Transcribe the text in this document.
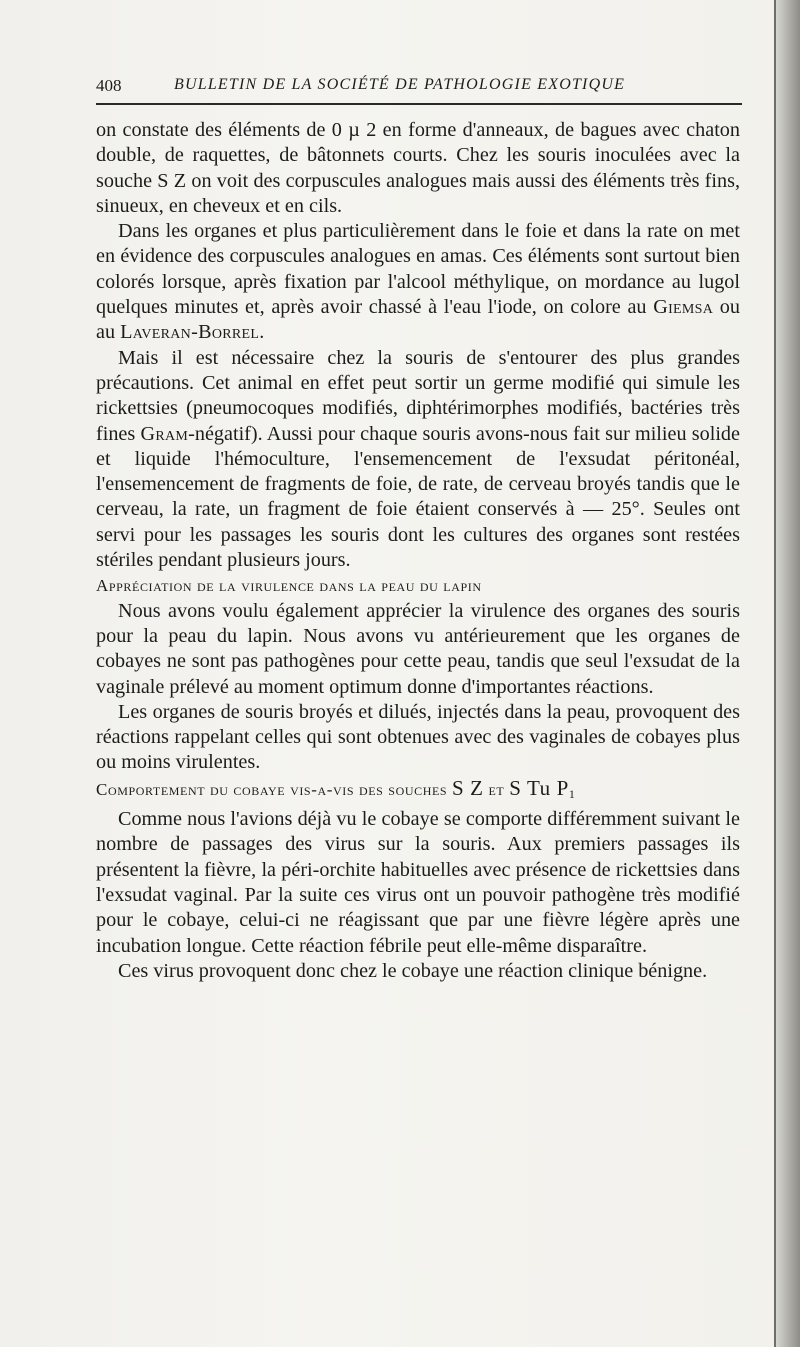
408	BULLETIN DE LA SOCIÉTÉ DE PATHOLOGIE EXOTIQUE

on constate des éléments de 0 µ 2 en forme d'anneaux, de bagues avec chaton double, de raquettes, de bâtonnets courts. Chez les souris inoculées avec la souche S Z on voit des corpuscules analogues mais aussi des éléments très fins, sinueux, en cheveux et en cils.

Dans les organes et plus particulièrement dans le foie et dans la rate on met en évidence des corpuscules analogues en amas. Ces éléments sont surtout bien colorés lorsque, après fixation par l'alcool méthylique, on mordance au lugol quelques minutes et, après avoir chassé à l'eau l'iode, on colore au Giemsa ou au Laveran-Borrel.

Mais il est nécessaire chez la souris de s'entourer des plus grandes précautions. Cet animal en effet peut sortir un germe modifié qui simule les rickettsies (pneumocoques modifiés, diphtérimorphes modifiés, bactéries très fines Gram-négatif). Aussi pour chaque souris avons-nous fait sur milieu solide et liquide l'hémoculture, l'ensemencement de l'exsudat péritonéal, l'ensemencement de fragments de foie, de rate, de cerveau broyés tandis que le cerveau, la rate, un fragment de foie étaient conservés à — 25°. Seules ont servi pour les passages les souris dont les cultures des organes sont restées stériles pendant plusieurs jours.

Appréciation de la virulence dans la peau du lapin

Nous avons voulu également apprécier la virulence des organes des souris pour la peau du lapin. Nous avons vu antérieurement que les organes de cobayes ne sont pas pathogènes pour cette peau, tandis que seul l'exsudat de la vaginale prélevé au moment optimum donne d'importantes réactions.

Les organes de souris broyés et dilués, injectés dans la peau, provoquent des réactions rappelant celles qui sont obtenues avec des vaginales de cobayes plus ou moins virulentes.

Comportement du cobaye vis-a-vis des souches S Z et S Tu $P_1$

Comme nous l'avions déjà vu le cobaye se comporte différemment suivant le nombre de passages des virus sur la souris. Aux premiers passages ils présentent la fièvre, la péri-orchite habituelles avec présence de rickettsies dans l'exsudat vaginal. Par la suite ces virus ont un pouvoir pathogène très modifié pour le cobaye, celui-ci ne réagissant que par une fièvre légère après une incubation longue. Cette réaction fébrile peut elle-même disparaître.

Ces virus provoquent donc chez le cobaye une réaction clinique bénigne.
